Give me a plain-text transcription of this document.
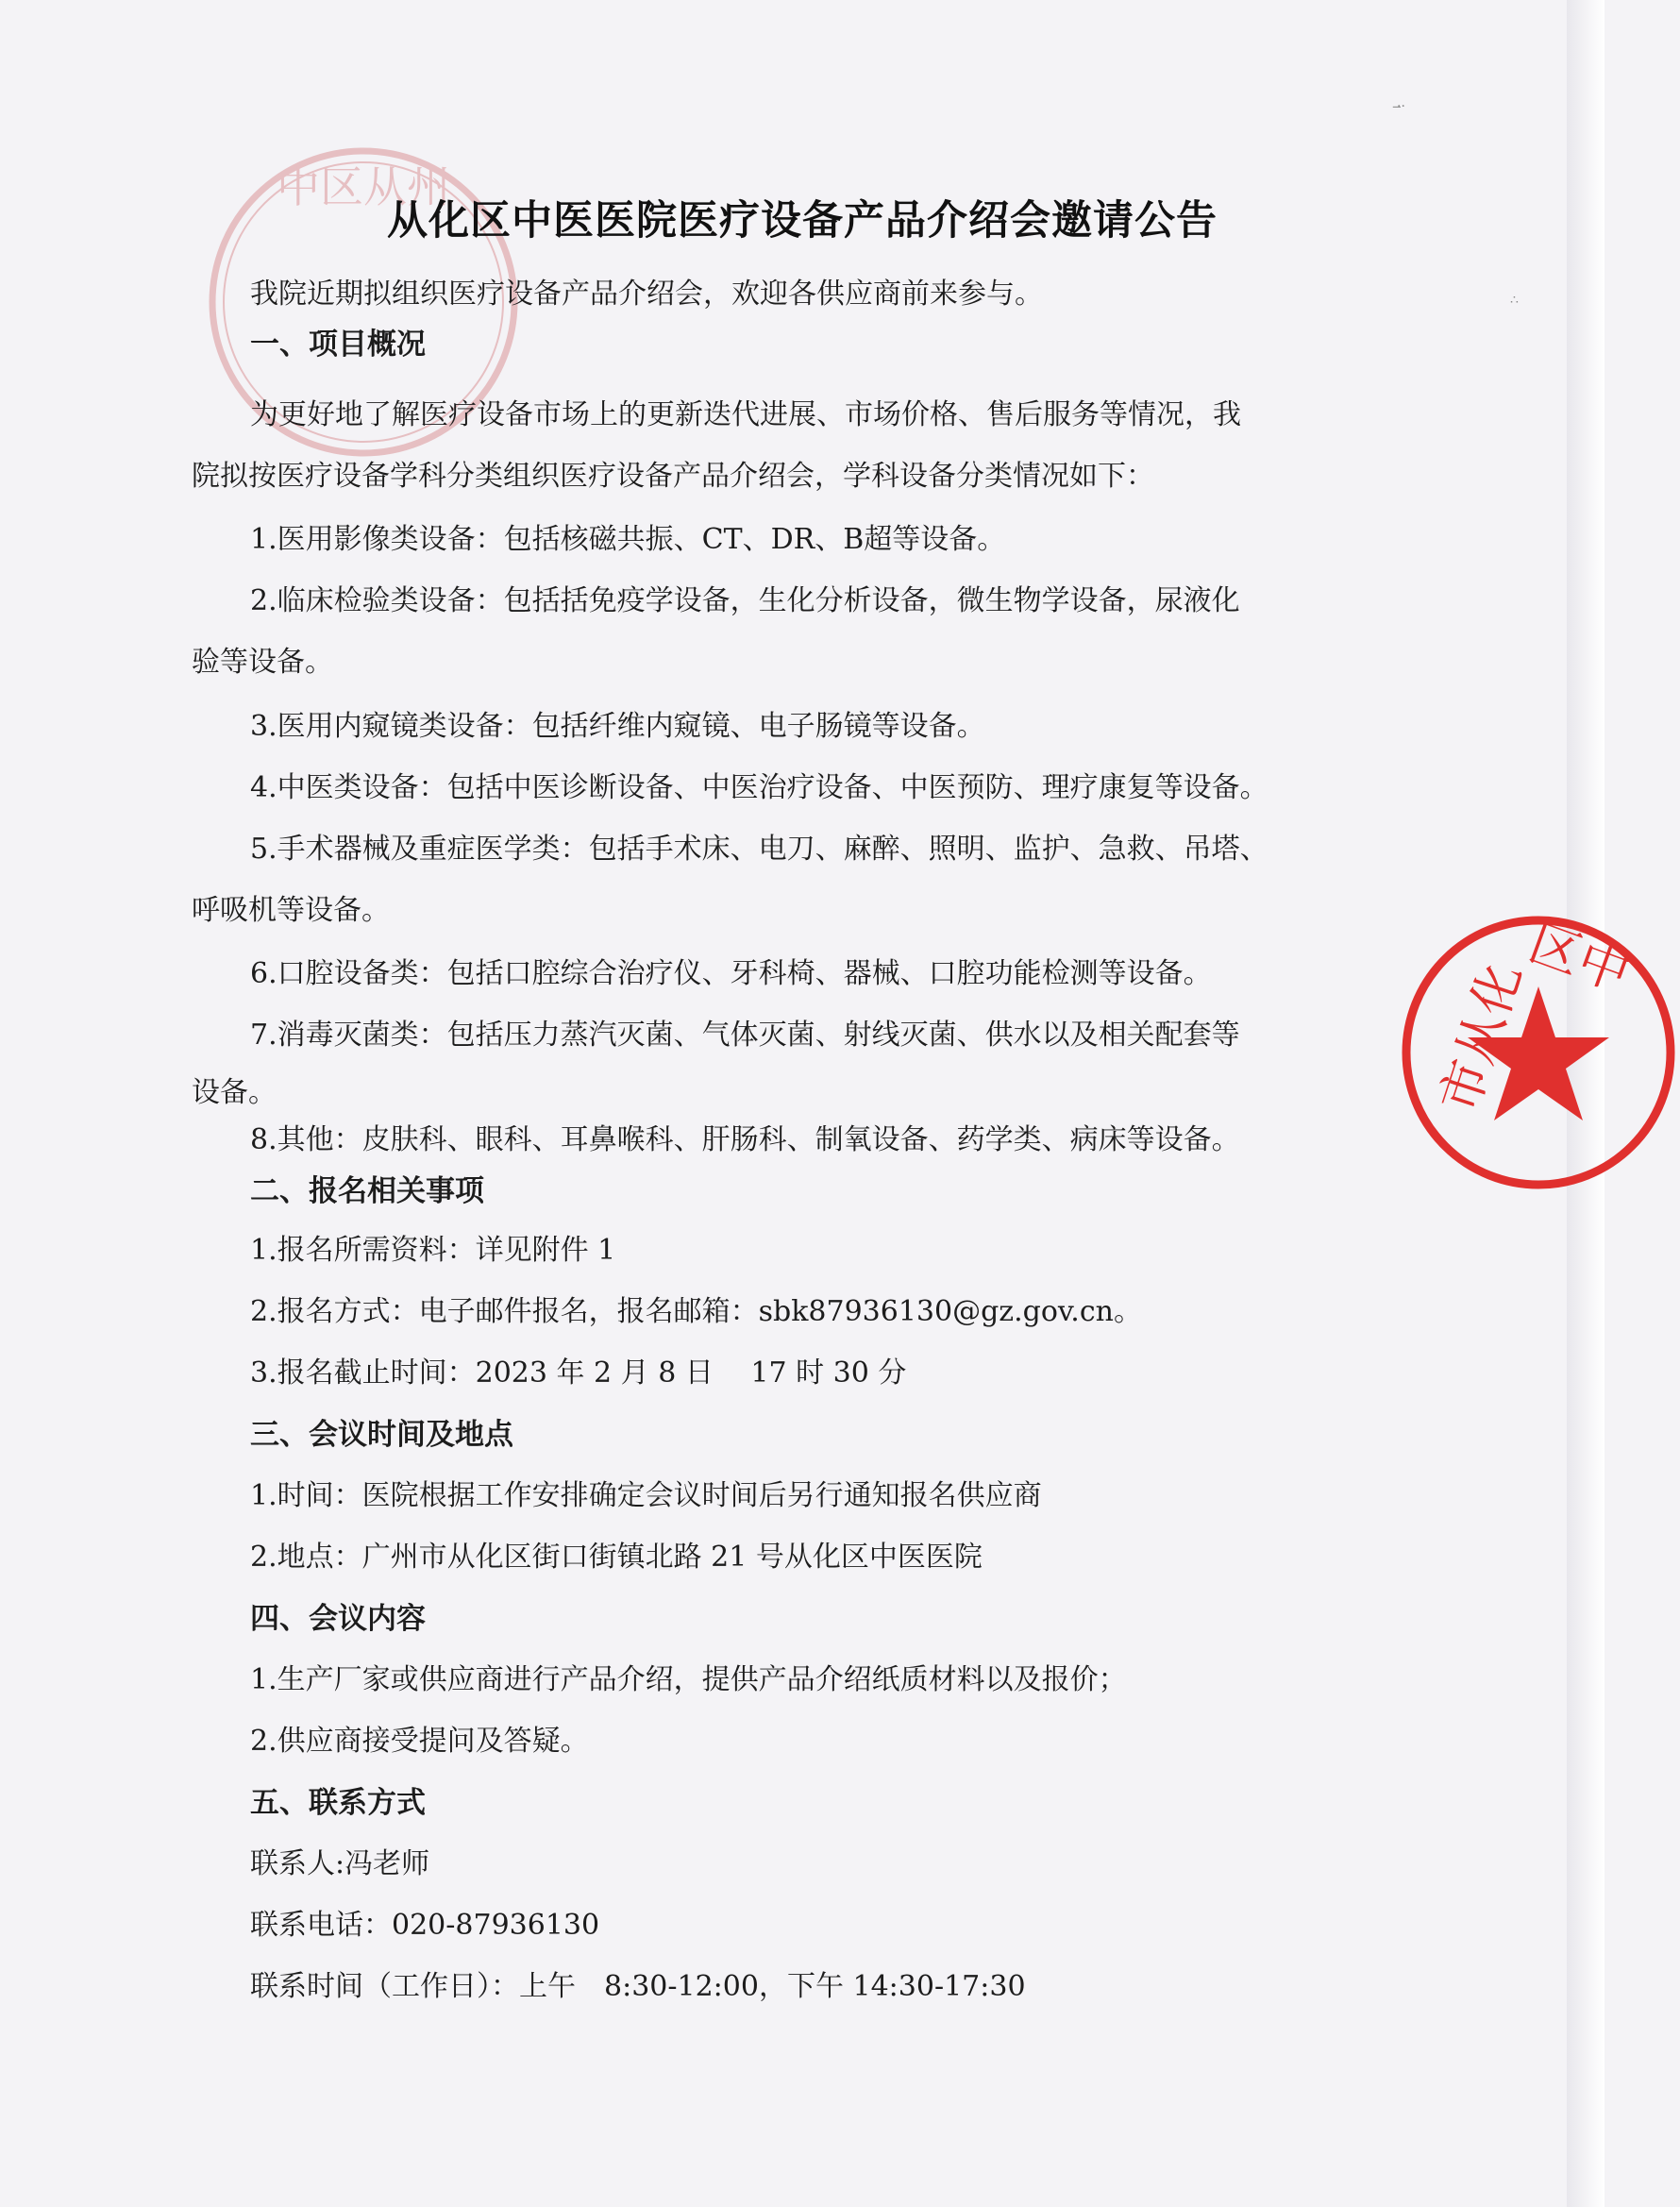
中区从州
市从化
区中
·̶̶̶·
∴
从化区中医医院医疗设备产品介绍会邀请公告
我院近期拟组织医疗设备产品介绍会，欢迎各供应商前来参与。
一、项目概况
为更好地了解医疗设备市场上的更新迭代进展、市场价格、售后服务等情况，我
院拟按医疗设备学科分类组织医疗设备产品介绍会，学科设备分类情况如下：
1.医用影像类设备：包括核磁共振、CT、DR、B超等设备。
2.临床检验类设备：包括括免疫学设备，生化分析设备，微生物学设备，尿液化
验等设备。
3.医用内窥镜类设备：包括纤维内窥镜、电子肠镜等设备。
4.中医类设备：包括中医诊断设备、中医治疗设备、中医预防、理疗康复等设备。
5.手术器械及重症医学类：包括手术床、电刀、麻醉、照明、监护、急救、吊塔、
呼吸机等设备。
6.口腔设备类：包括口腔综合治疗仪、牙科椅、器械、口腔功能检测等设备。
7.消毒灭菌类：包括压力蒸汽灭菌、气体灭菌、射线灭菌、供水以及相关配套等
设备。
8.其他：皮肤科、眼科、耳鼻喉科、肝肠科、制氧设备、药学类、病床等设备。
二、报名相关事项
1.报名所需资料：详见附件 1
2.报名方式：电子邮件报名，报名邮箱：sbk87936130@gz.gov.cn。
3.报名截止时间：2023 年 2 月 8 日　 17 时 30 分
三、会议时间及地点
1.时间：医院根据工作安排确定会议时间后另行通知报名供应商
2.地点：广州市从化区街口街镇北路 21 号从化区中医医院
四、会议内容
1.生产厂家或供应商进行产品介绍，提供产品介绍纸质材料以及报价；
2.供应商接受提问及答疑。
五、联系方式
联系人:冯老师
联系电话：020-87936130
联系时间（工作日）：上午　8:30-12:00，下午 14:30-17:30
